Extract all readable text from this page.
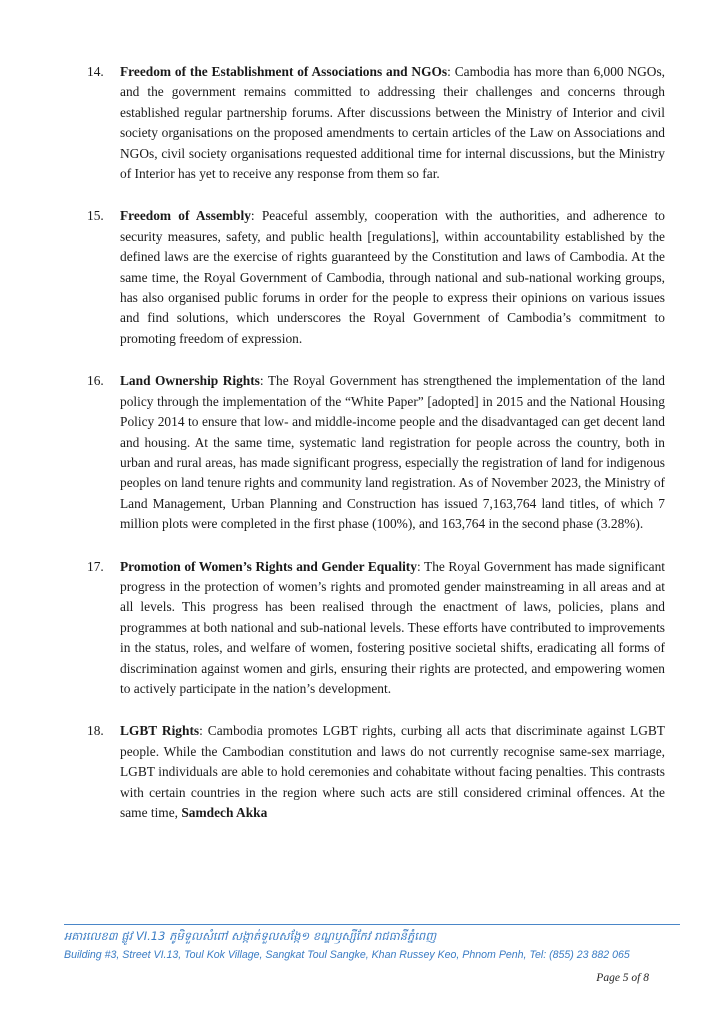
14.	Freedom of the Establishment of Associations and NGOs: Cambodia has more than 6,000 NGOs, and the government remains committed to addressing their challenges and concerns through established regular partnership forums. After discussions between the Ministry of Interior and civil society organisations on the proposed amendments to certain articles of the Law on Associations and NGOs, civil society organisations requested additional time for internal discussions, but the Ministry of Interior has yet to receive any response from them so far.
15.	Freedom of Assembly: Peaceful assembly, cooperation with the authorities, and adherence to security measures, safety, and public health [regulations], within accountability established by the defined laws are the exercise of rights guaranteed by the Constitution and laws of Cambodia. At the same time, the Royal Government of Cambodia, through national and sub-national working groups, has also organised public forums in order for the people to express their opinions on various issues and find solutions, which underscores the Royal Government of Cambodia’s commitment to promoting freedom of expression.
16.	Land Ownership Rights: The Royal Government has strengthened the implementation of the land policy through the implementation of the “White Paper” [adopted] in 2015 and the National Housing Policy 2014 to ensure that low- and middle-income people and the disadvantaged can get decent land and housing. At the same time, systematic land registration for people across the country, both in urban and rural areas, has made significant progress, especially the registration of land for indigenous peoples on land tenure rights and community land registration. As of November 2023, the Ministry of Land Management, Urban Planning and Construction has issued 7,163,764 land titles, of which 7 million plots were completed in the first phase (100%), and 163,764 in the second phase (3.28%).
17.	Promotion of Women’s Rights and Gender Equality: The Royal Government has made significant progress in the protection of women’s rights and promoted gender mainstreaming in all areas and at all levels. This progress has been realised through the enactment of laws, policies, plans and programmes at both national and sub-national levels. These efforts have contributed to improvements in the status, roles, and welfare of women, fostering positive societal shifts, eradicating all forms of discrimination against women and girls, ensuring their rights are protected, and empowering women to actively participate in the nation’s development.
18.	LGBT Rights: Cambodia promotes LGBT rights, curbing all acts that discriminate against LGBT people. While the Cambodian constitution and laws do not currently recognise same-sex marriage, LGBT individuals are able to hold ceremonies and cohabitate without facing penalties. This contrasts with certain countries in the region where such acts are still considered criminal offences. At the same time, Samdech Akka
អគារលេខ៣ ផ្លូវ VI.13 ភូមិទួលសំពៅ សង្កាត់ទួលសង្កែ១ ខណ្ឌឫស្សីកែវ រាជធានីភ្នំពេញ
Building #3, Street VI.13, Toul Kok Village, Sangkat Toul Sangke, Khan Russey Keo, Phnom Penh, Tel: (855) 23 882 065
Page 5 of 8
